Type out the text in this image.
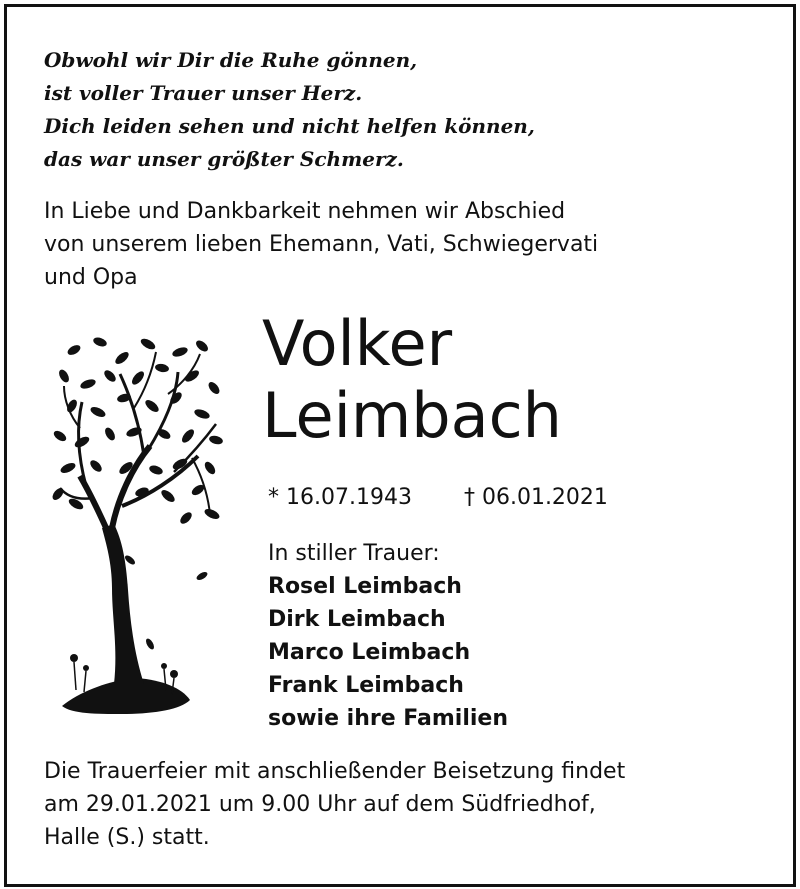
Obwohl wir Dir die Ruhe gönnen,
ist voller Trauer unser Herz.
Dich leiden sehen und nicht helfen können,
das war unser größter Schmerz.
In Liebe und Dankbarkeit nehmen wir Abschied
von unserem lieben Ehemann, Vati, Schwiegervati
und Opa
Volker
Leimbach
* 16.07.1943 † 06.01.2021
In stiller Trauer:
Rosel Leimbach
Dirk Leimbach
Marco Leimbach
Frank Leimbach
sowie ihre Familien
Die Trauerfeier mit anschließender Beisetzung findet
am 29.01.2021 um 9.00 Uhr auf dem Südfriedhof,
Halle (S.) statt.
